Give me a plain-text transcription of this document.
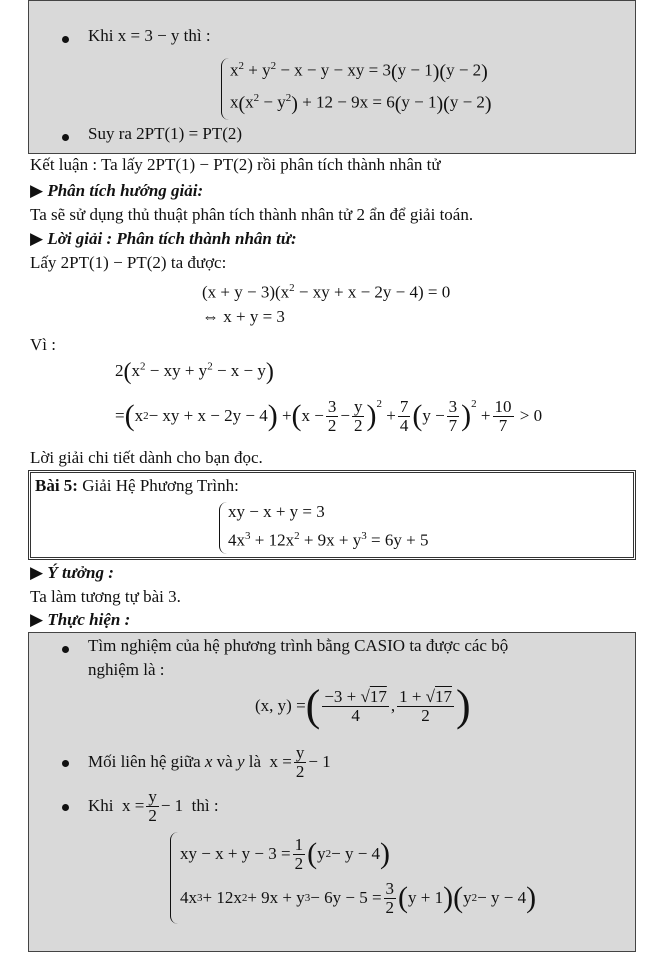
Khi x = 3 − y thì :
$x^2 + y^2 - x - y$ − xy = 3(y − 1)(y − 2)
$x(x^2 - y^2) + 12 - 9x = 6(y - 1)(y - 2)$
Suy ra 2PT(1) = PT(2)
Kết luận : Ta lấy 2PT(1) − PT(2) rồi phân tích thành nhân tử
▶ Phân tích hướng giải:
Ta sẽ sử dụng thủ thuật phân tích thành nhân tử 2 ẩn để giải toán.
▶ Lời giải : Phân tích thành nhân tử:
Lấy 2PT(1) − PT(2) ta được:
$(x + y - 3)(x^2$ − xy + x − 2y − 4) = 0
⇔ x + y = 3
Vì :
$2(x^2$ − xy + $y^2 - x - y$)
= ( x 2 − xy + x − 2y − 4 ) + ( $x - \frac{3}{2} - \frac{y}{2} )^2$
+ $\frac{7}{4}$ ( $y - \frac{3}{7} )^2$
+ $\frac{10}{7} > 0$
Lời giải chi tiết dành cho bạn đọc.
Bài 5: Giải Hệ Phương Trình:
xy − x + y = 3
$4x^3 + 12x^2 + 9x + y^3 = 6y + 5$
▶ Ý tưởng :
Ta làm tương tự bài 3.
▶ Thực hiện :
Tìm nghiệm của hệ phương trình bằng CASIO ta được các bộ
nghiệm là :
(x, y) = ( $\frac{-3 + √17}{4}$ , $\frac{1 + √17}{2}$ )
Mối liên hệ giữa x và y là  $x = \frac{y}{2} - 1$
Khi  $x = \frac{y}{2} - 1$  thì :
xy − $x + y - 3 = \frac{1}{2}$ ( y 2 − y − 4 )
4x 3 + 12x 2 + 9x + y $3 - 6y - 5 = \frac{3}{2}$ ( y + 1 ) ( y 2 − y − 4 )
